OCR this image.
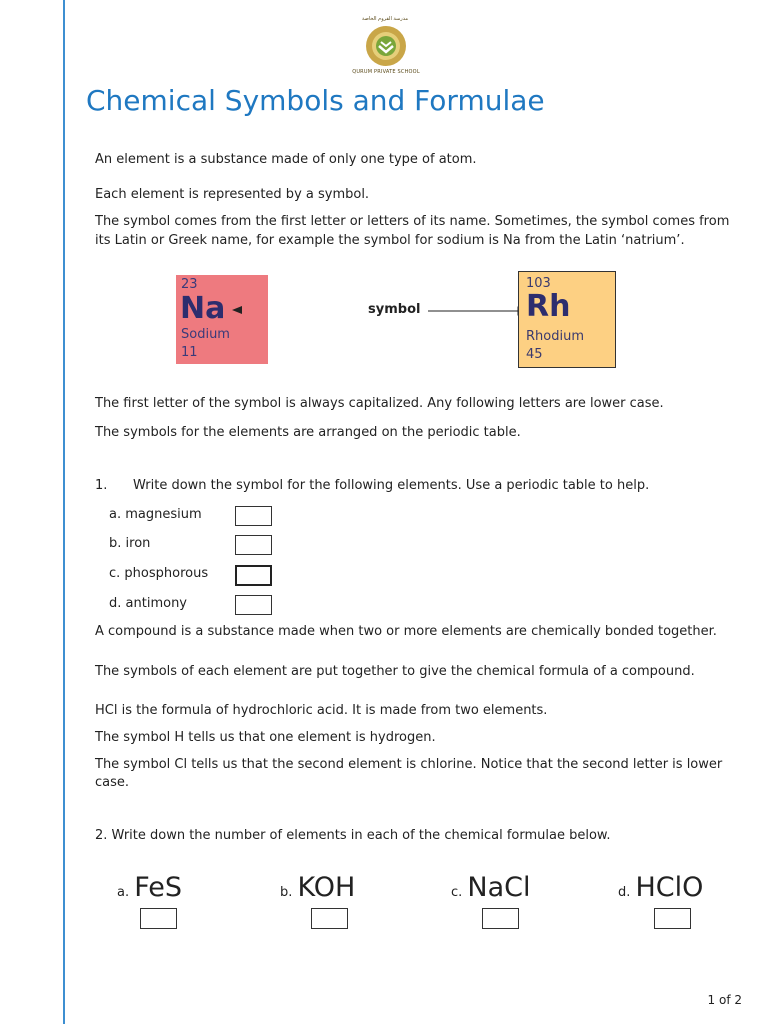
مدرسة القروم الخاصة
QURUM PRIVATE SCHOOL
Chemical Symbols and Formulae
An element is a substance made of only one type of atom.
Each element is represented by a symbol.
The symbol comes from the first letter or letters of its name. Sometimes, the symbol comes from
its Latin or Greek name, for example the symbol for sodium is Na from the Latin ‘natrium’.
23
Na
Sodium
11
symbol
103
Rh
Rhodium
45
The first letter of the symbol is always capitalized. Any following letters are lower case.
The symbols for the elements are arranged on the periodic table.
1. Write down the symbol for the following elements. Use a periodic table to help.
a. magnesium
b. iron
c. phosphorous
d. antimony
A compound is a substance made when two or more elements are chemically bonded together.
The symbols of each element are put together to give the chemical formula of a compound.
HCl is the formula of hydrochloric acid. It is made from two elements.
The symbol H tells us that one element is hydrogen.
The symbol Cl tells us that the second element is chlorine. Notice that the second letter is lower
case.
2. Write down the number of elements in each of the chemical formulae below.
a. FeS	b. KOH	c. NaCl	d. HClO
1 of 2
